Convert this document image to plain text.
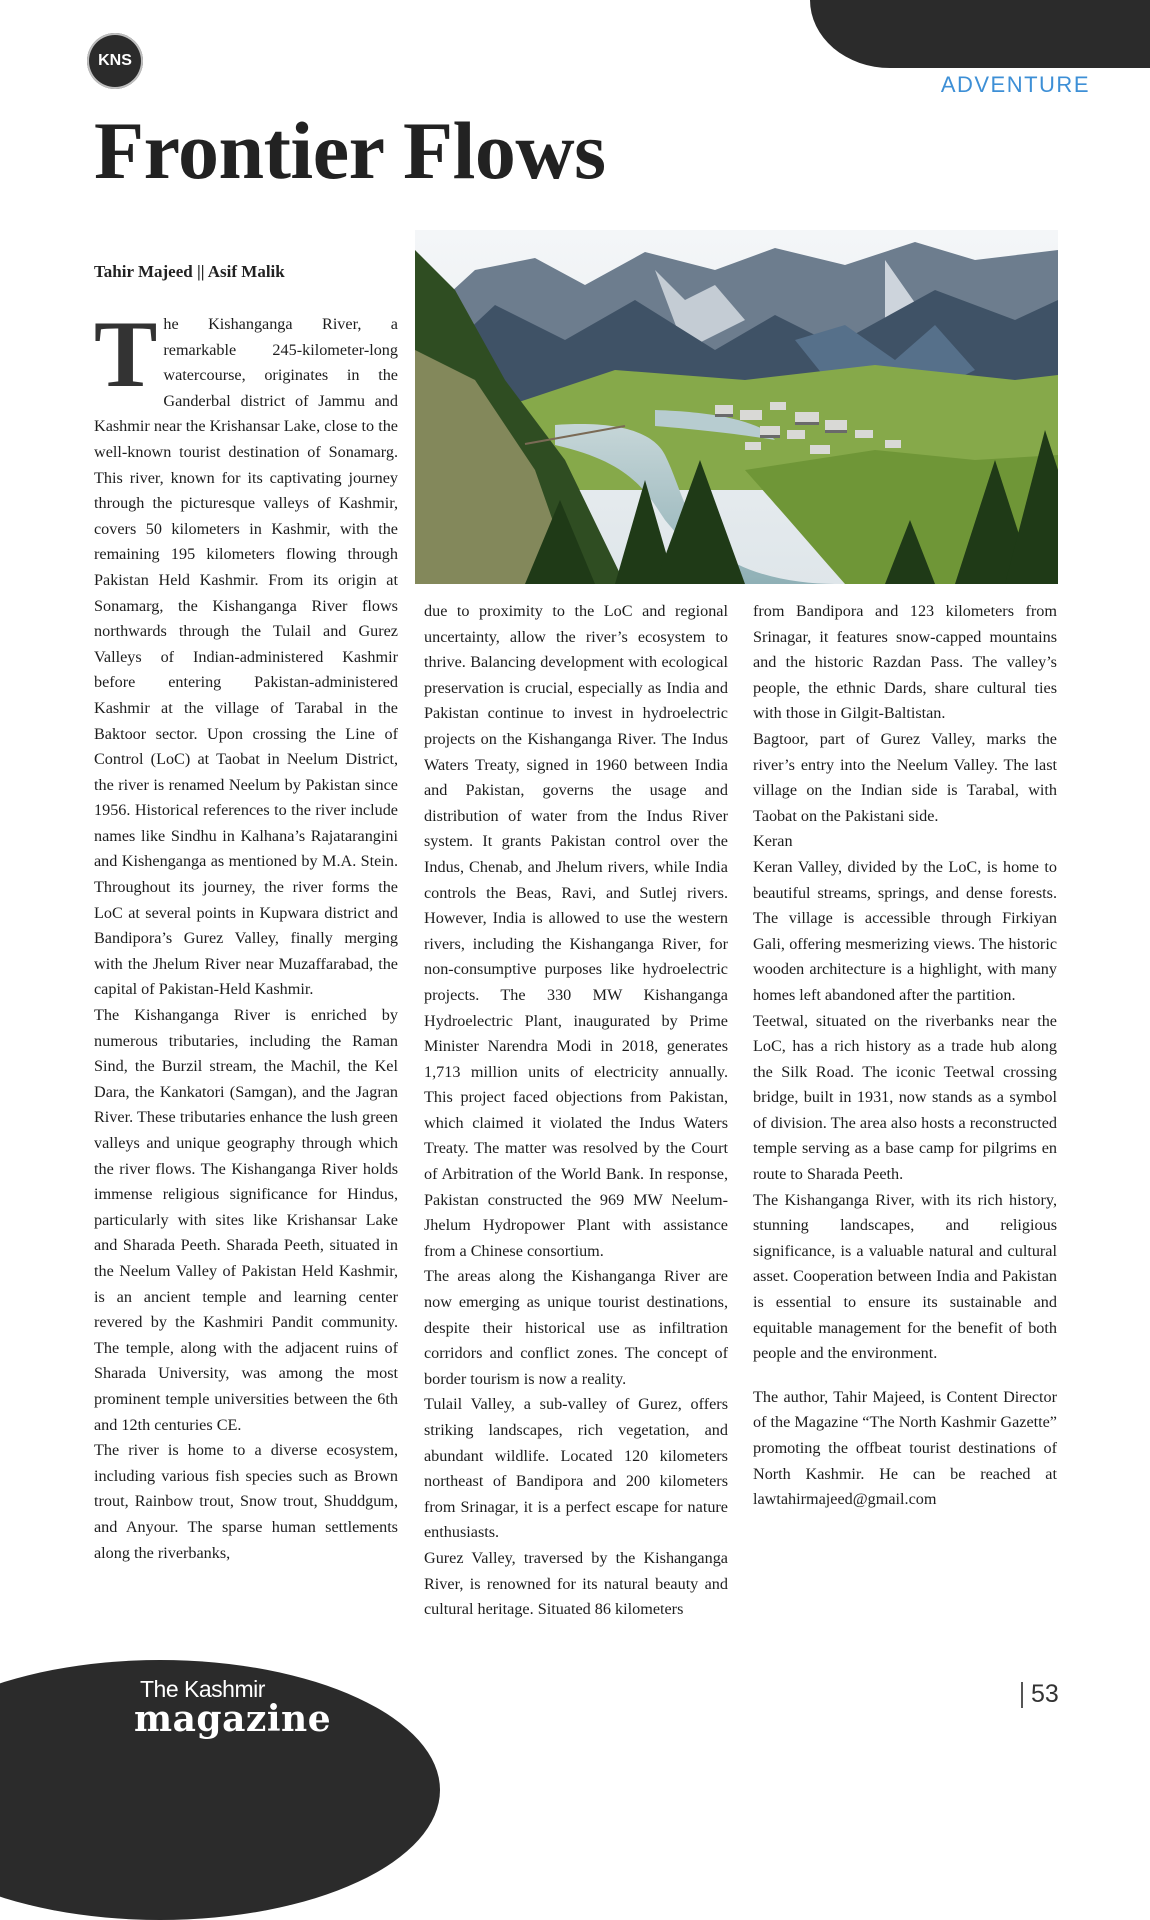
KNS
ADVENTURE
Frontier Flows
Tahir Majeed || Asif Malik

The Kishanganga River, a remarkable 245-kilometer-long watercourse, originates in the Ganderbal district of Jammu and Kashmir near the Krishansar Lake, close to the well-known tourist destination of Sonamarg. This river, known for its captivating journey through the picturesque valleys of Kashmir, covers 50 kilometers in Kashmir, with the remaining 195 kilometers flowing through Pakistan Held Kashmir. From its origin at Sonamarg, the Kishanganga River flows northwards through the Tulail and Gurez Valleys of Indian-administered Kashmir before entering Pakistan-administered Kashmir at the village of Tarabal in the Baktoor sector. Upon crossing the Line of Control (LoC) at Taobat in Neelum District, the river is renamed Neelum by Pakistan since 1956. Historical references to the river include names like Sindhu in Kalhana’s Rajatarangini and Kishenganga as mentioned by M.A. Stein. Throughout its journey, the river forms the LoC at several points in Kupwara district and Bandipora’s Gurez Valley, finally merging with the Jhelum River near Muzaffarabad, the capital of Pakistan-Held Kashmir.

The Kishanganga River is enriched by numerous tributaries, including the Raman Sind, the Burzil stream, the Machil, the Kel Dara, the Kankatori (Samgan), and the Jagran River. These tributaries enhance the lush green valleys and unique geography through which the river flows. The Kishanganga River holds immense religious significance for Hindus, particularly with sites like Krishansar Lake and Sharada Peeth. Sharada Peeth, situated in the Neelum Valley of Pakistan Held Kashmir, is an ancient temple and learning center revered by the Kashmiri Pandit community. The temple, along with the adjacent ruins of Sharada University, was among the most prominent temple universities between the 6th and 12th centuries CE.

The river is home to a diverse ecosystem, including various fish species such as Brown trout, Rainbow trout, Snow trout, Shuddgum, and Anyour. The sparse human settlements along the riverbanks,

due to proximity to the LoC and regional uncertainty, allow the river’s ecosystem to thrive. Balancing development with ecological preservation is crucial, especially as India and Pakistan continue to invest in hydroelectric projects on the Kishanganga River. The Indus Waters Treaty, signed in 1960 between India and Pakistan, governs the usage and distribution of water from the Indus River system. It grants Pakistan control over the Indus, Chenab, and Jhelum rivers, while India controls the Beas, Ravi, and Sutlej rivers. However, India is allowed to use the western rivers, including the Kishanganga River, for non-consumptive purposes like hydroelectric projects. The 330 MW Kishanganga Hydroelectric Plant, inaugurated by Prime Minister Narendra Modi in 2018, generates 1,713 million units of electricity annually. This project faced objections from Pakistan, which claimed it violated the Indus Waters Treaty. The matter was resolved by the Court of Arbitration of the World Bank. In response, Pakistan constructed the 969 MW Neelum-Jhelum Hydropower Plant with assistance from a Chinese consortium.

The areas along the Kishanganga River are now emerging as unique tourist destinations, despite their historical use as infiltration corridors and conflict zones. The concept of border tourism is now a reality.

Tulail Valley, a sub-valley of Gurez, offers striking landscapes, rich vegetation, and abundant wildlife. Located 120 kilometers northeast of Bandipora and 200 kilometers from Srinagar, it is a perfect escape for nature enthusiasts.

Gurez Valley, traversed by the Kishanganga River, is renowned for its natural beauty and cultural heritage. Situated 86 kilometers

from Bandipora and 123 kilometers from Srinagar, it features snow-capped mountains and the historic Razdan Pass. The valley’s people, the ethnic Dards, share cultural ties with those in Gilgit-Baltistan.

Bagtoor, part of Gurez Valley, marks the river’s entry into the Neelum Valley. The last village on the Indian side is Tarabal, with Taobat on the Pakistani side.

Keran

Keran Valley, divided by the LoC, is home to beautiful streams, springs, and dense forests. The village is accessible through Firkiyan Gali, offering mesmerizing views. The historic wooden architecture is a highlight, with many homes left abandoned after the partition.

Teetwal, situated on the riverbanks near the LoC, has a rich history as a trade hub along the Silk Road. The iconic Teetwal crossing bridge, built in 1931, now stands as a symbol of division. The area also hosts a reconstructed temple serving as a base camp for pilgrims en route to Sharada Peeth.

The Kishanganga River, with its rich history, stunning landscapes, and religious significance, is a valuable natural and cultural asset. Cooperation between India and Pakistan is essential to ensure its sustainable and equitable management for the benefit of both people and the environment.

The author, Tahir Majeed, is Content Director of the Magazine “The North Kashmir Gazette” promoting the offbeat tourist destinations of North Kashmir. He can be reached at lawtahirmajeed@gmail.com

The Kashmir
magazine
53
